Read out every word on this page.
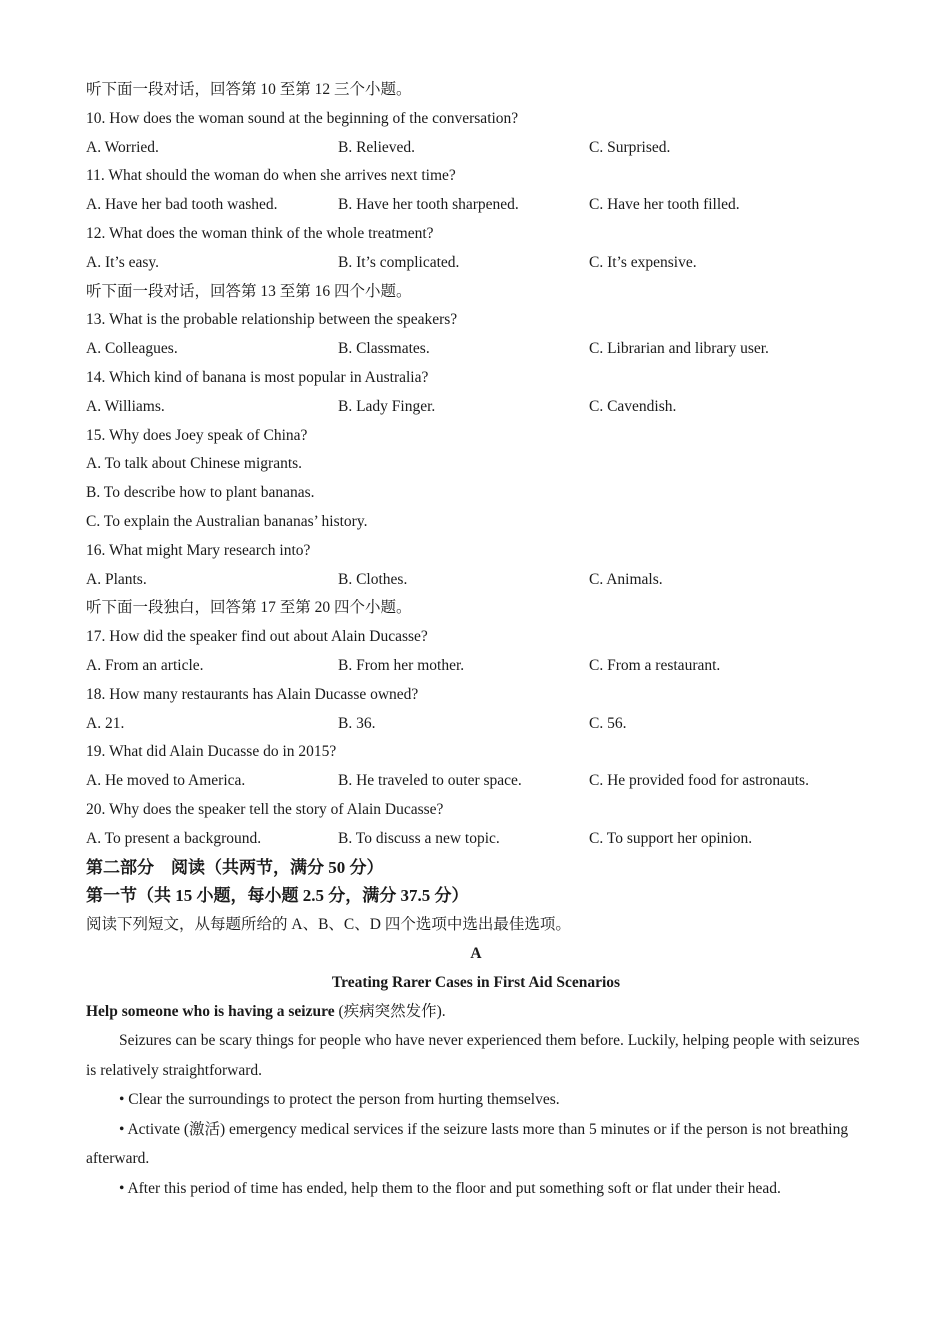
听下面一段对话，回答第 10 至第 12 三个小题。
10. How does the woman sound at the beginning of the conversation?
A. Worried.	B. Relieved.	C. Surprised.
11. What should the woman do when she arrives next time?
A. Have her bad tooth washed.	B. Have her tooth sharpened.	C. Have her tooth filled.
12. What does the woman think of the whole treatment?
A. It’s easy.	B. It’s complicated.	C. It’s expensive.
听下面一段对话，回答第 13 至第 16 四个小题。
13. What is the probable relationship between the speakers?
A. Colleagues.	B. Classmates.	C. Librarian and library user.
14. Which kind of banana is most popular in Australia?
A. Williams.	B. Lady Finger.	C. Cavendish.
15. Why does Joey speak of China?
A. To talk about Chinese migrants.
B. To describe how to plant bananas.
C. To explain the Australian bananas’ history.
16. What might Mary research into?
A. Plants.	B. Clothes.	C. Animals.
听下面一段独白，回答第 17 至第 20 四个小题。
17. How did the speaker find out about Alain Ducasse?
A. From an article.	B. From her mother.	C. From a restaurant.
18. How many restaurants has Alain Ducasse owned?
A. 21.	B. 36.	C. 56.
19. What did Alain Ducasse do in 2015?
A. He moved to America.	B. He traveled to outer space.	C. He provided food for astronauts.
20. Why does the speaker tell the story of Alain Ducasse?
A. To present a background.	B. To discuss a new topic.	C. To support her opinion.
第二部分　阅读（共两节，满分 50 分）
第一节（共 15 小题，每小题 2.5 分，满分 37.5 分）
阅读下列短文，从每题所给的 A、B、C、D 四个选项中选出最佳选项。
A
Treating Rarer Cases in First Aid Scenarios
Help someone who is having a seizure (疾病突然发作).

Seizures can be scary things for people who have never experienced them before. Luckily, helping people with seizures is relatively straightforward.

• Clear the surroundings to protect the person from hurting themselves.

• Activate (激活) emergency medical services if the seizure lasts more than 5 minutes or if the person is not breathing afterward.

• After this period of time has ended, help them to the floor and put something soft or flat under their head.
